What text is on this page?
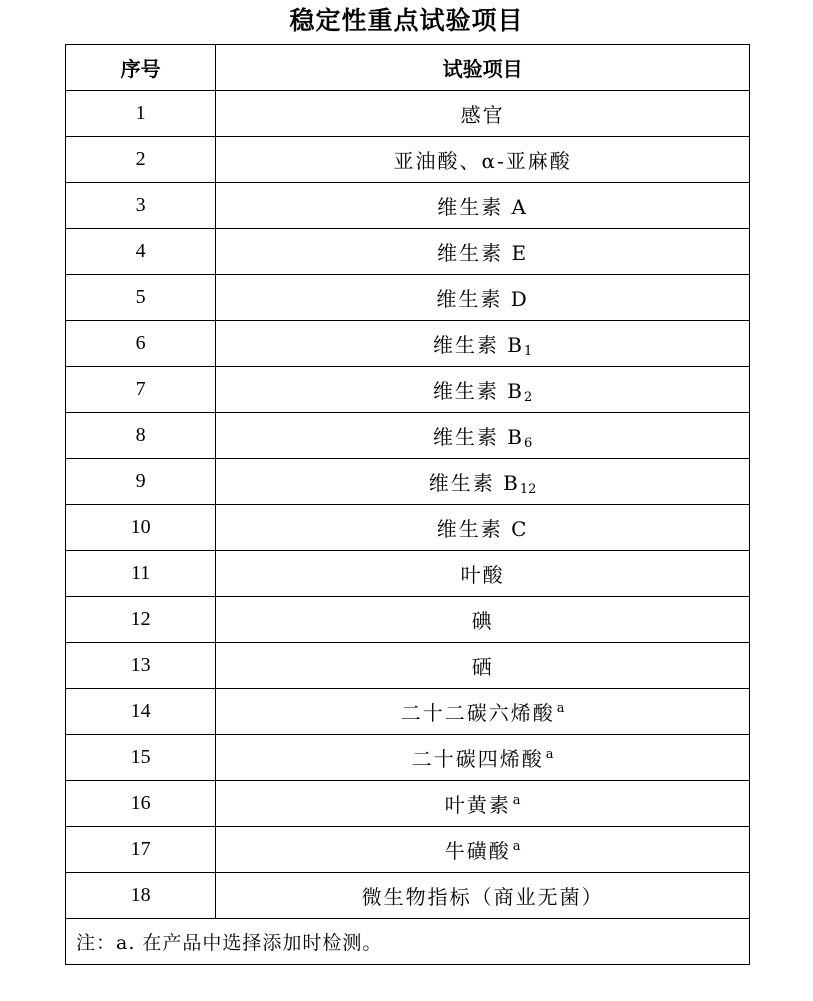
稳定性重点试验项目
序号	试验项目
1	感官
2	亚油酸、α-亚麻酸
3	维生素 A
4	维生素 E
5	维生素 D
6	维生素 $B_1$
7	维生素 $B_2$
8	维生素 $B_6$
9	维生素 $B_{12}$
10	维生素 C
11	叶酸
12	碘
13	硒
14	二十二碳六烯酸 $^a$
15	二十碳四烯酸 $^a$
16	叶黄素 $^a$
17	牛磺酸 $^a$
18	微生物指标（商业无菌）
注：a. 在产品中选择添加时检测。	
